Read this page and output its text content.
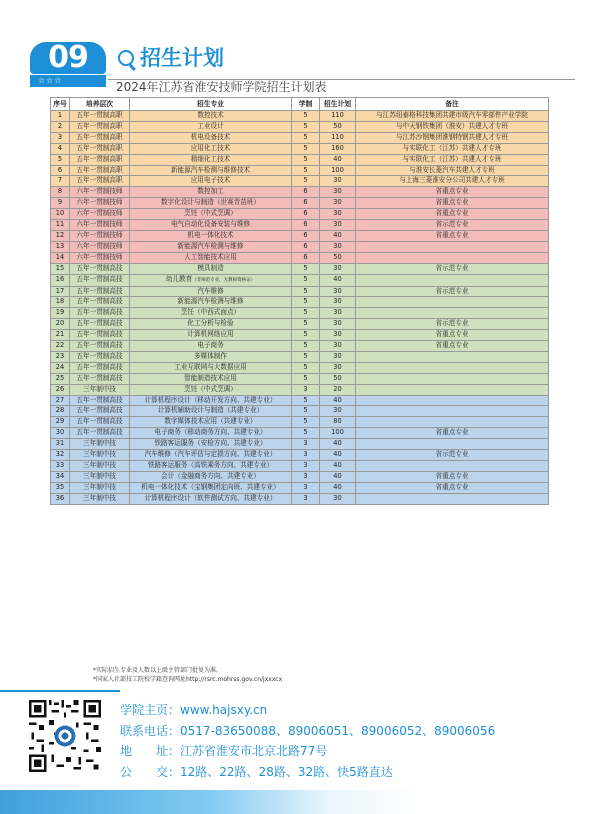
09
☆☆☆
招生计划
2024年江苏省淮安技师学院招生计划表
序号	培养层次	招生专业	学制	招生计划	备注
1	五年一贯制高职	数控技术	5	110	与江苏纽泰格科技集团共建市级汽车零部件产业学院
2	五年一贯制高职	工业设计	5	50	与中天钢铁集团（淮安）共建人才专班
3	五年一贯制高职	机电设备技术	5	110	与江苏沙钢集团淮钢特钢共建人才专班
4	五年一贯制高职	应用化工技术	5	160	与实联化工（江苏）共建人才专班
5	五年一贯制高职	精细化工技术	5	40	与实联化工（江苏）共建人才专班
6	五年一贯制高职	新能源汽车检测与维修技术	5	100	与淮安长菱汽车共建人才专班
7	五年一贯制高职	应用电子技术	5	30	与上海三菱淮安分公司共建人才专班
8	六年一贯制技师	数控加工	6	30	省重点专业
9	六年一贯制技师	数字化设计与制造（世赛青苗班）	6	30	省重点专业
10	六年一贯制技师	烹饪（中式烹调）	6	30	省重点专业
11	六年一贯制技师	电气自动化设备安装与维修	6	30	省示范专业
12	六年一贯制技师	机电一体化技术	6	40	省重点专业
13	六年一贯制技师	新能源汽车检测与维修	6	30	
14	六年一贯制技师	人工智能技术应用	6	50	
15	五年一贯制高技	模具制造	5	30	省示范专业
16	五年一贯制高技	幼儿教育（非师范专业，无教师资格证）	5	40	
17	五年一贯制高技	汽车维修	5	30	省示范专业
18	五年一贯制高技	新能源汽车检测与维修	5	30	
19	五年一贯制高技	烹饪（中西式面点）	5	30	
20	五年一贯制高技	化工分析与检验	5	30	省示范专业
21	五年一贯制高技	计算机网络应用	5	30	省重点专业
22	五年一贯制高技	电子商务	5	30	省重点专业
23	五年一贯制高技	多媒体制作	5	30	
24	五年一贯制高技	工业互联网与大数据应用	5	30	
25	五年一贯制高技	智能制造技术应用	5	50	
26	三年制中技	烹饪（中式烹调）	3	20	
27	五年一贯制高技	计算机程序设计（移动开发方向、共建专业）	5	40	
28	五年一贯制高技	计算机辅助设计与制造（共建专业）	5	30	
29	五年一贯制高技	数字媒体技术应用（共建专业）	5	80	
30	五年一贯制高技	电子商务（移动商务方向、共建专业）	5	100	省重点专业
31	三年制中技	铁路客运服务（安检方向、共建专业）	3	40	
32	三年制中技	汽车维修（汽车评估与定损方向、共建专业）	3	40	省示范专业
33	三年制中技	铁路客运服务（高铁乘务方向、共建专业）	3	40	
34	三年制中技	会计（金融商务方向、共建专业）	3	40	省重点专业
35	三年制中技	机电一体化技术（宝钢集团定向班、共建专业）	3	40	省重点专业
36	三年制中技	计算机程序设计（软件测试方向、共建专业）	3	30	
*实际招生专业及人数以上级主管部门批复为准。
*国家人社部技工院校学籍查询网址http://rsrc.mohrss.gov.cn/jxxxcx
学院主页：www.hajsxy.cn
联系电话：0517-83650088、89006051、89006052、89006056
地　　址：江苏省淮安市北京北路77号
公　　交：12路、22路、28路、32路、快5路直达
